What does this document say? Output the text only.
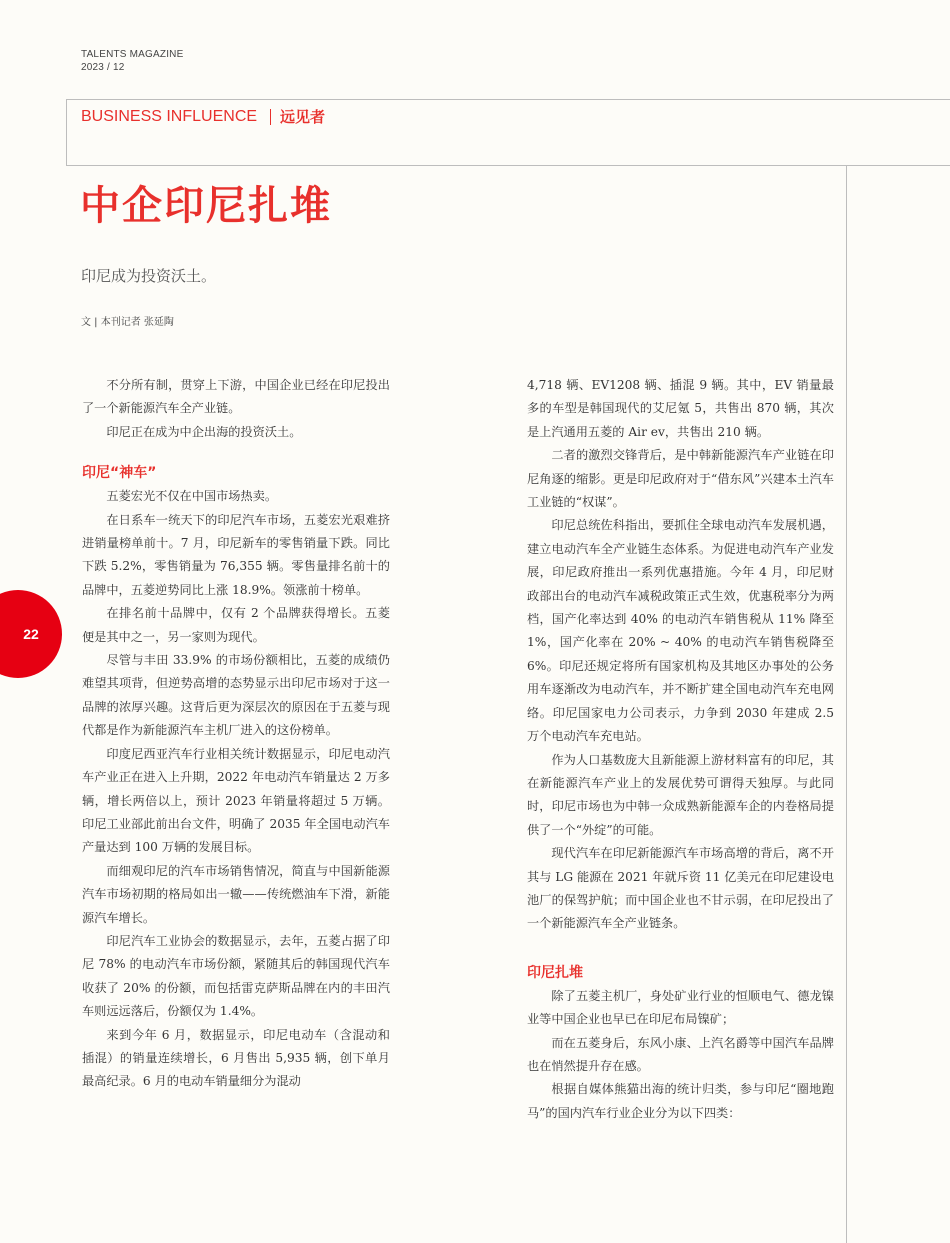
TALENTS MAGAZINE
2023 / 12
BUSINESS INFLUENCE 远见者
中企印尼扎堆
印尼成为投资沃土。
文 | 本刊记者 张延陶
22

不分所有制，贯穿上下游，中国企业已经在印尼投出了一个新能源汽车全产业链。

印尼正在成为中企出海的投资沃土。

印尼“神车”

五菱宏光不仅在中国市场热卖。

在日系车一统天下的印尼汽车市场，五菱宏光艰难挤进销量榜单前十。7 月，印尼新车的零售销量下跌。同比下跌 5.2%，零售销量为 76,355 辆。零售量排名前十的品牌中，五菱逆势同比上涨 18.9%。领涨前十榜单。

在排名前十品牌中，仅有 2 个品牌获得增长。五菱便是其中之一，另一家则为现代。

尽管与丰田 33.9% 的市场份额相比，五菱的成绩仍难望其项背，但逆势高增的态势显示出印尼市场对于这一品牌的浓厚兴趣。这背后更为深层次的原因在于五菱与现代都是作为新能源汽车主机厂进入的这份榜单。

印度尼西亚汽车行业相关统计数据显示，印尼电动汽车产业正在进入上升期，2022 年电动汽车销量达 2 万多辆，增长两倍以上，预计 2023 年销量将超过 5 万辆。印尼工业部此前出台文件，明确了 2035 年全国电动汽车产量达到 100 万辆的发展目标。

而细观印尼的汽车市场销售情况，简直与中国新能源汽车市场初期的格局如出一辙——传统燃油车下滑，新能源汽车增长。

印尼汽车工业协会的数据显示，去年，五菱占据了印尼 78% 的电动汽车市场份额，紧随其后的韩国现代汽车收获了 20% 的份额，而包括雷克萨斯品牌在内的丰田汽车则远远落后，份额仅为 1.4%。

来到今年 6 月，数据显示，印尼电动车（含混动和插混）的销量连续增长，6 月售出 5,935 辆，创下单月最高纪录。6 月的电动车销量细分为混动

4,718 辆、EV1208 辆、插混 9 辆。其中，EV 销量最多的车型是韩国现代的艾尼氪 5，共售出 870 辆，其次是上汽通用五菱的 Air ev，共售出 210 辆。

二者的激烈交锋背后，是中韩新能源汽车产业链在印尼角逐的缩影。更是印尼政府对于“借东风”兴建本土汽车工业链的“权谋”。

印尼总统佐科指出，要抓住全球电动汽车发展机遇，建立电动汽车全产业链生态体系。为促进电动汽车产业发展，印尼政府推出一系列优惠措施。今年 4 月，印尼财政部出台的电动汽车减税政策正式生效，优惠税率分为两档，国产化率达到 40% 的电动汽车销售税从 11% 降至 1%，国产化率在 20% ~ 40% 的电动汽车销售税降至 6%。印尼还规定将所有国家机构及其地区办事处的公务用车逐渐改为电动汽车，并不断扩建全国电动汽车充电网络。印尼国家电力公司表示，力争到 2030 年建成 2.5 万个电动汽车充电站。

作为人口基数庞大且新能源上游材料富有的印尼，其在新能源汽车产业上的发展优势可谓得天独厚。与此同时，印尼市场也为中韩一众成熟新能源车企的内卷格局提供了一个“外绽”的可能。

现代汽车在印尼新能源汽车市场高增的背后，离不开其与 LG 能源在 2021 年就斥资 11 亿美元在印尼建设电池厂的保驾护航；而中国企业也不甘示弱，在印尼投出了一个新能源汽车全产业链条。

印尼扎堆

除了五菱主机厂，身处矿业行业的恒顺电气、德龙镍业等中国企业也早已在印尼布局镍矿；

而在五菱身后，东风小康、上汽名爵等中国汽车品牌也在悄然提升存在感。

根据自媒体熊猫出海的统计归类，参与印尼“圈地跑马”的国内汽车行业企业分为以下四类：
